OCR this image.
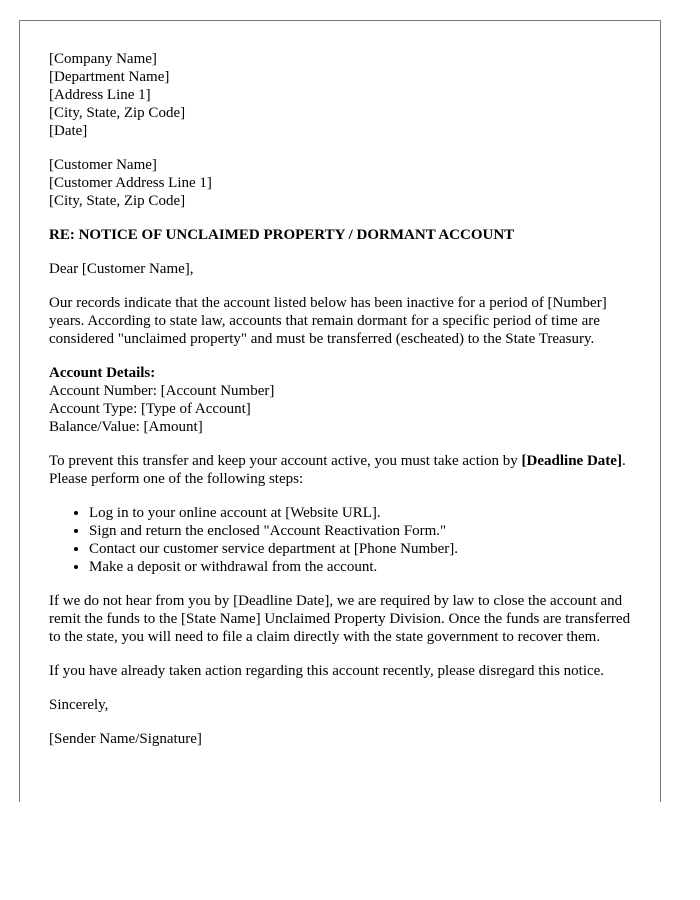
[Company Name]
[Department Name]
[Address Line 1]
[City, State, Zip Code]
[Date]
[Customer Name]
[Customer Address Line 1]
[City, State, Zip Code]

RE: NOTICE OF UNCLAIMED PROPERTY / DORMANT ACCOUNT

Dear [Customer Name],

Our records indicate that the account listed below has been inactive for a period of [Number] years. According to state law, accounts that remain dormant for a specific period of time are considered "unclaimed property" and must be transferred (escheated) to the State Treasury.

Account Details:
Account Number: [Account Number]
Account Type: [Type of Account]
Balance/Value: [Amount]

To prevent this transfer and keep your account active, you must take action by [Deadline Date]. Please perform one of the following steps:

• Log in to your online account at [Website URL].
• Sign and return the enclosed "Account Reactivation Form."
• Contact our customer service department at [Phone Number].
• Make a deposit or withdrawal from the account.

If we do not hear from you by [Deadline Date], we are required by law to close the account and remit the funds to the [State Name] Unclaimed Property Division. Once the funds are transferred to the state, you will need to file a claim directly with the state government to recover them.

If you have already taken action regarding this account recently, please disregard this notice.

Sincerely,

[Sender Name/Signature]
